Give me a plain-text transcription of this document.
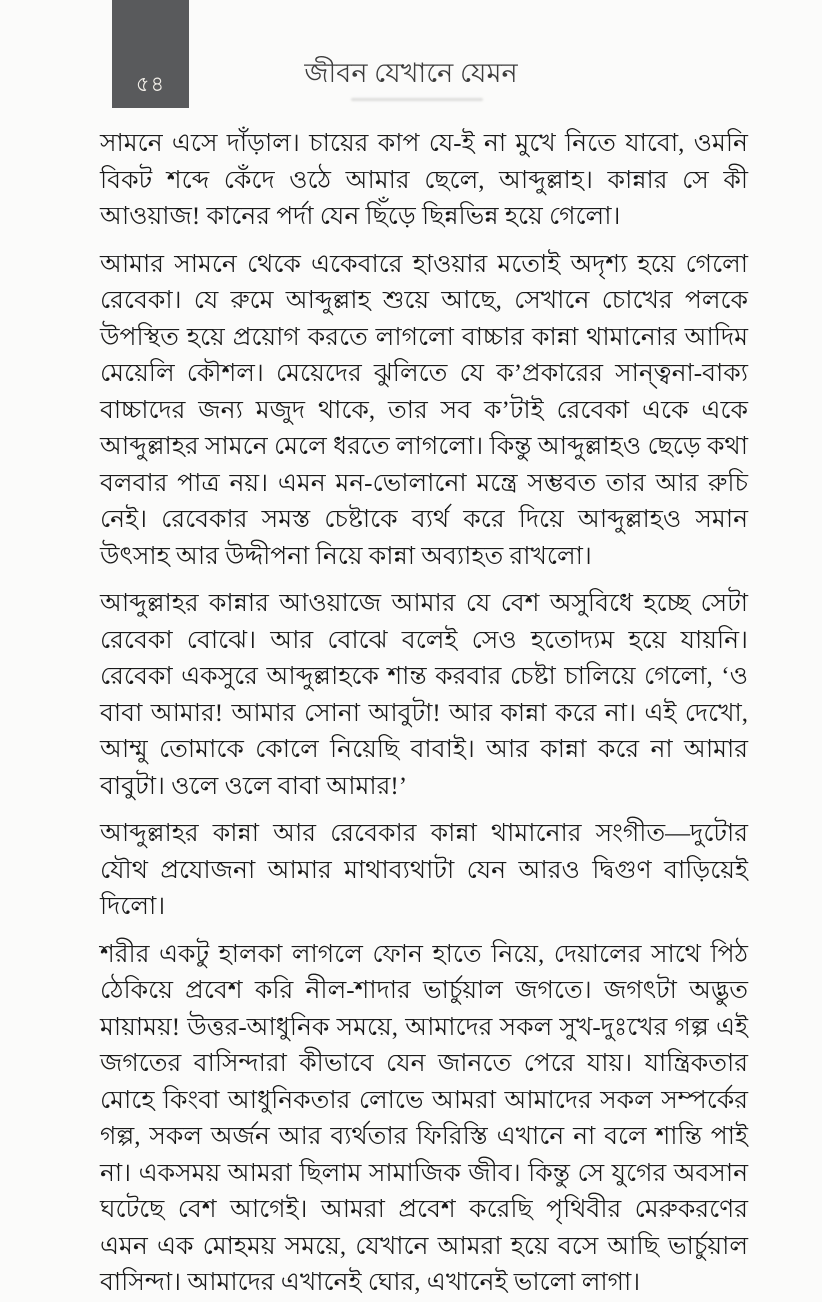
৫৪	জীবন যেখানে যেমন

সামনে এসে দাঁড়াল। চায়ের কাপ যে-ই না মুখে নিতে যাবো, ওমনি বিকট শব্দে কেঁদে ওঠে আমার ছেলে, আব্দুল্লাহ। কান্নার সে কী আওয়াজ! কানের পর্দা যেন ছিঁড়ে ছিন্নভিন্ন হয়ে গেলো।

আমার সামনে থেকে একেবারে হাওয়ার মতোই অদৃশ্য হয়ে গেলো রেবেকা। যে রুমে আব্দুল্লাহ শুয়ে আছে, সেখানে চোখের পলকে উপস্থিত হয়ে প্রয়োগ করতে লাগলো বাচ্চার কান্না থামানোর আদিম মেয়েলি কৌশল। মেয়েদের ঝুলিতে যে ক’প্রকারের সান্ত্বনা-বাক্য বাচ্চাদের জন্য মজুদ থাকে, তার সব ক’টাই রেবেকা একে একে আব্দুল্লাহর সামনে মেলে ধরতে লাগলো। কিন্তু আব্দুল্লাহও ছেড়ে কথা বলবার পাত্র নয়। এমন মন-ভোলানো মন্ত্রে সম্ভবত তার আর রুচি নেই। রেবেকার সমস্ত চেষ্টাকে ব্যর্থ করে দিয়ে আব্দুল্লাহও সমান উৎসাহ আর উদ্দীপনা নিয়ে কান্না অব্যাহত রাখলো।

আব্দুল্লাহর কান্নার আওয়াজে আমার যে বেশ অসুবিধে হচ্ছে সেটা রেবেকা বোঝে। আর বোঝে বলেই সেও হতোদ্যম হয়ে যায়নি। রেবেকা একসুরে আব্দুল্লাহকে শান্ত করবার চেষ্টা চালিয়ে গেলো, ‘ও বাবা আমার! আমার সোনা আবুটা! আর কান্না করে না। এই দেখো, আম্মু তোমাকে কোলে নিয়েছি বাবাই। আর কান্না করে না আমার বাবুটা। ওলে ওলে বাবা আমার!’

আব্দুল্লাহর কান্না আর রেবেকার কান্না থামানোর সংগীত—দুটোর যৌথ প্রযোজনা আমার মাথাব্যথাটা যেন আরও দ্বিগুণ বাড়িয়েই দিলো।

শরীর একটু হালকা লাগলে ফোন হাতে নিয়ে, দেয়ালের সাথে পিঠ ঠেকিয়ে প্রবেশ করি নীল-শাদার ভার্চুয়াল জগতে। জগৎটা অদ্ভুত মায়াময়! উত্তর-আধুনিক সময়ে, আমাদের সকল সুখ-দুঃখের গল্প এই জগতের বাসিন্দারা কীভাবে যেন জানতে পেরে যায়। যান্ত্রিকতার মোহে কিংবা আধুনিকতার লোভে আমরা আমাদের সকল সম্পর্কের গল্প, সকল অর্জন আর ব্যর্থতার ফিরিস্তি এখানে না বলে শান্তি পাই না। একসময় আমরা ছিলাম সামাজিক জীব। কিন্তু সে যুগের অবসান ঘটেছে বেশ আগেই। আমরা প্রবেশ করেছি পৃথিবীর মেরুকরণের এমন এক মোহময় সময়ে, যেখানে আমরা হয়ে বসে আছি ভার্চুয়াল বাসিন্দা। আমাদের এখানেই ঘোর, এখানেই ভালো লাগা।
